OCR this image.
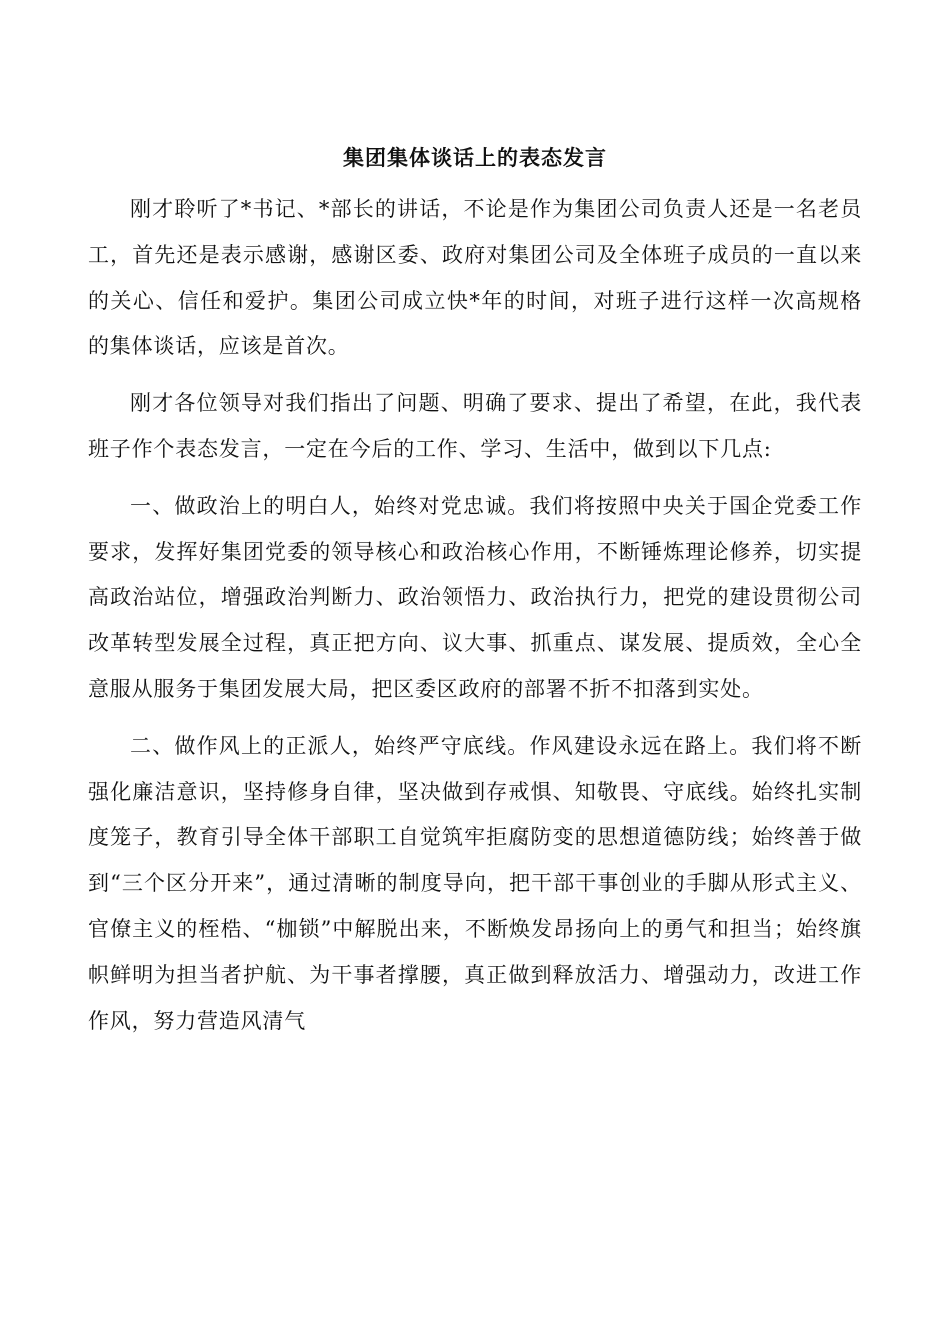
集团集体谈话上的表态发言

刚才聆听了*书记、*部长的讲话，不论是作为集团公司负责人还是一名老员工，首先还是表示感谢，感谢区委、政府对集团公司及全体班子成员的一直以来的关心、信任和爱护。集团公司成立快*年的时间，对班子进行这样一次高规格的集体谈话，应该是首次。

刚才各位领导对我们指出了问题、明确了要求、提出了希望，在此，我代表班子作个表态发言，一定在今后的工作、学习、生活中，做到以下几点:

一、做政治上的明白人，始终对党忠诚。我们将按照中央关于国企党委工作要求，发挥好集团党委的领导核心和政治核心作用，不断锤炼理论修养，切实提高政治站位，增强政治判断力、政治领悟力、政治执行力，把党的建设贯彻公司改革转型发展全过程，真正把方向、议大事、抓重点、谋发展、提质效，全心全意服从服务于集团发展大局，把区委区政府的部署不折不扣落到实处。

二、做作风上的正派人，始终严守底线。作风建设永远在路上。我们将不断强化廉洁意识，坚持修身自律，坚决做到存戒惧、知敬畏、守底线。始终扎实制度笼子，教育引导全体干部职工自觉筑牢拒腐防变的思想道德防线；始终善于做到“三个区分开来”，通过清晰的制度导向，把干部干事创业的手脚从形式主义、官僚主义的桎梏、“枷锁”中解脱出来，不断焕发昂扬向上的勇气和担当；始终旗帜鲜明为担当者护航、为干事者撑腰，真正做到释放活力、增强动力，改进工作作风，努力营造风清气
